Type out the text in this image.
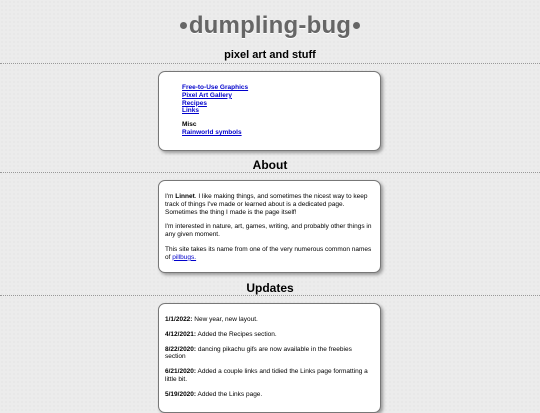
dumpling-bug
pixel art and stuff
Free-to-Use Graphics
Pixel Art Gallery
Recipes
Links
Misc
Rainworld symbols
About

I'm Linnet. I like making things, and sometimes the nicest way to keep track of things I've made or learned about is a dedicated page. Sometimes the thing I made is the page itself!

I'm interested in nature, art, games, writing, and probably other things in any given moment.

This site takes its name from one of the very numerous common names of pillbugs.

Updates

1/1/2022: New year, new layout.

4/12/2021: Added the Recipes section.

8/22/2020: dancing pikachu gifs are now available in the freebies section

6/21/2020: Added a couple links and tidied the Links page formatting a little bit.

5/19/2020: Added the Links page.
